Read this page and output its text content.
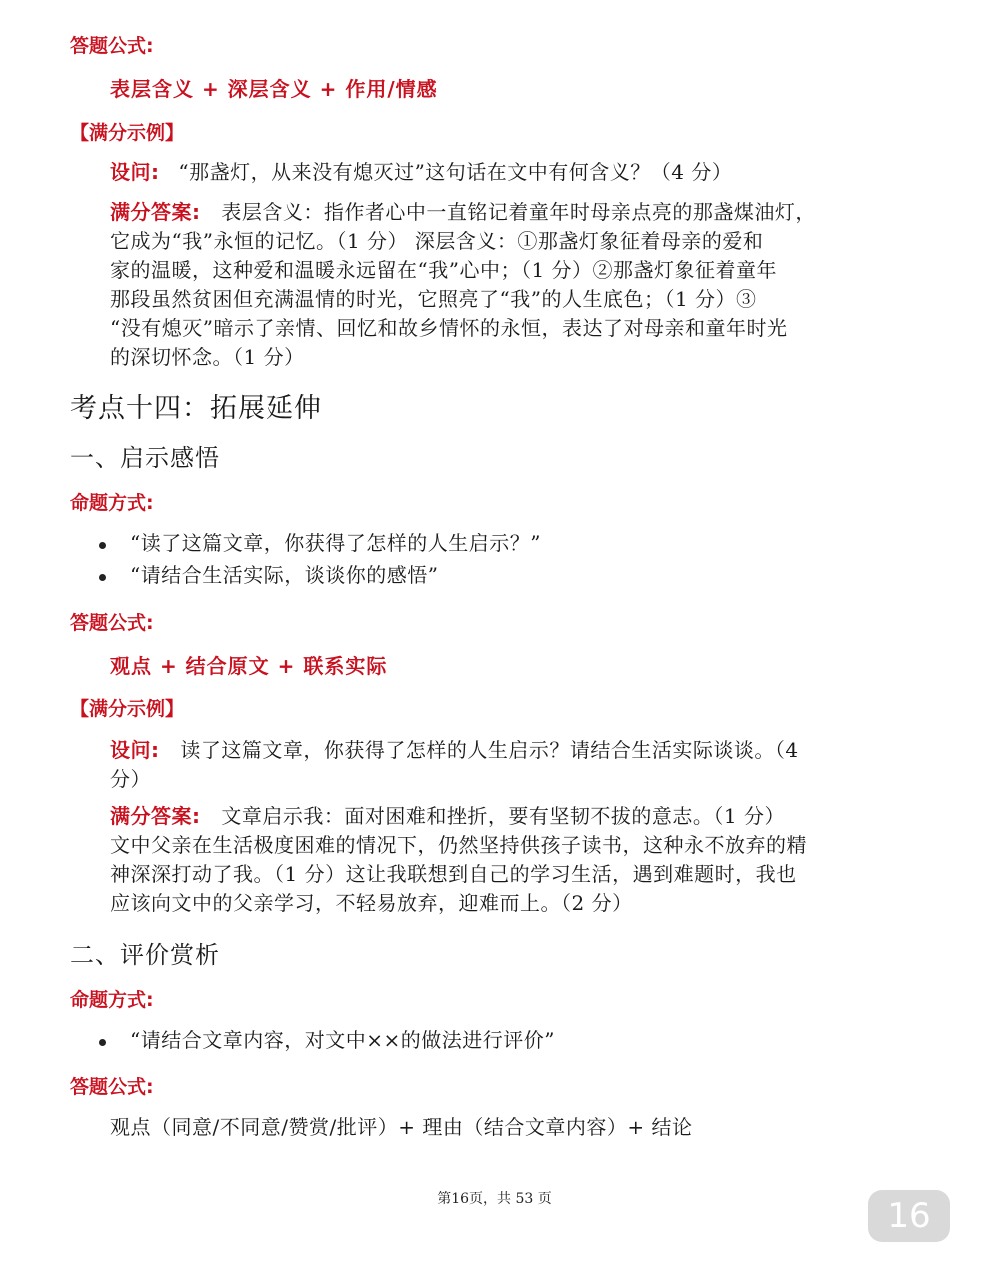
答题公式:
表层含义 + 深层含义 + 作用/情感
【满分示例】
设问: “那盏灯，从来没有熄灭过”这句话在文中有何含义？（4 分）
满分答案: 表层含义：指作者心中一直铭记着童年时母亲点亮的那盏煤油灯，
它成为“我”永恒的记忆。（1 分） 深层含义：①那盏灯象征着母亲的爱和
家的温暖，这种爱和温暖永远留在“我”心中；（1 分）②那盏灯象征着童年
那段虽然贫困但充满温情的时光，它照亮了“我”的人生底色；（1 分）③
“没有熄灭”暗示了亲情、回忆和故乡情怀的永恒，表达了对母亲和童年时光
的深切怀念。（1 分）
考点十四：拓展延伸
一、启示感悟
命题方式:
“读了这篇文章，你获得了怎样的人生启示？”
“请结合生活实际，谈谈你的感悟”
答题公式:
观点 + 结合原文 + 联系实际
【满分示例】
设问: 读了这篇文章，你获得了怎样的人生启示？请结合生活实际谈谈。（4
分）
满分答案: 文章启示我：面对困难和挫折，要有坚韧不拔的意志。（1 分）
文中父亲在生活极度困难的情况下，仍然坚持供孩子读书，这种永不放弃的精
神深深打动了我。（1 分）这让我联想到自己的学习生活，遇到难题时，我也
应该向文中的父亲学习，不轻易放弃，迎难而上。（2 分）
二、评价赏析
命题方式:
“请结合文章内容，对文中××的做法进行评价”
答题公式:
观点（同意/不同意/赞赏/批评）+ 理由（结合文章内容）+ 结论
第16页，共 53 页	16
